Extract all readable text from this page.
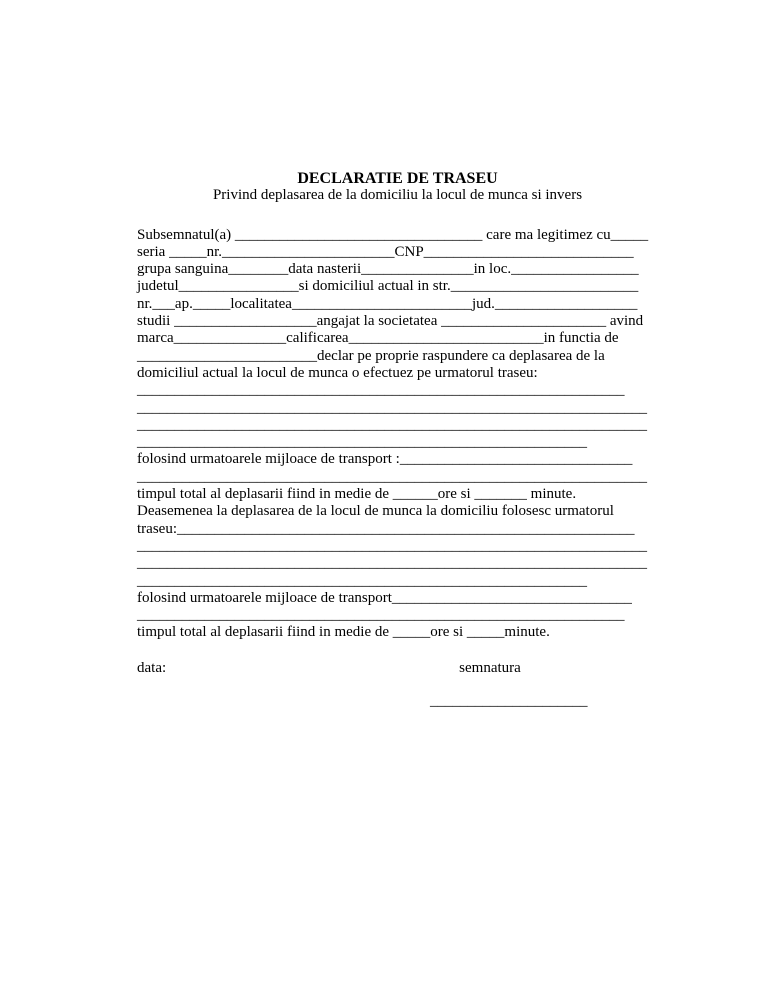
DECLARATIE DE TRASEU
Privind deplasarea de la domiciliu la locul de munca si invers
Subsemnatul(a) _________________________________ care ma legitimez cu_____
seria _____nr._______________________CNP____________________________
grupa sanguina________data nasterii_______________in loc._________________
judetul________________si domiciliul actual in str._________________________
nr.___ap._____localitatea________________________jud.___________________
studii ___________________angajat la societatea ______________________ avind
marca_______________calificarea__________________________in functia de
________________________declar pe proprie raspundere ca deplasarea de la
domiciliul actual la locul de munca o efectuez pe urmatorul traseu:
_________________________________________________________________
____________________________________________________________________
____________________________________________________________________
____________________________________________________________
folosind urmatoarele mijloace de transport :_______________________________
____________________________________________________________________
timpul total al deplasarii fiind in medie de ______ore si _______ minute.
Deasemenea la deplasarea de la locul de munca la domiciliu folosesc urmatorul
traseu:_____________________________________________________________
____________________________________________________________________
____________________________________________________________________
____________________________________________________________
folosind urmatoarele mijloace de transport________________________________
_________________________________________________________________
timpul total al deplasarii fiind in medie de _____ore si _____minute.
data:	semnatura
_____________________
